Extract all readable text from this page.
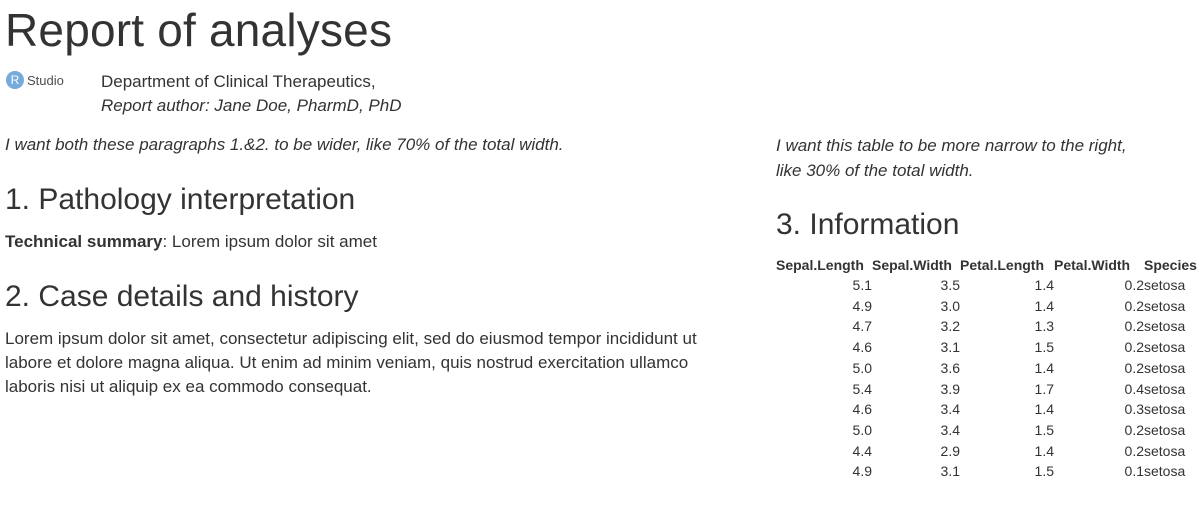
Report of analyses
R Studio Department of Clinical Therapeutics,
Report author: Jane Doe, PharmD, PhD
I want both these paragraphs 1.&2. to be wider, like 70% of the total width.
1. Pathology interpretation
Technical summary: Lorem ipsum dolor sit amet
2. Case details and history

Lorem ipsum dolor sit amet, consectetur adipiscing elit, sed do eiusmod tempor incididunt ut labore et dolore magna aliqua. Ut enim ad minim veniam, quis nostrud exercitation ullamco laboris nisi ut aliquip ex ea commodo consequat.

I want this table to be more narrow to the right, like 30% of the total width.

3. Information
Sepal.Length	Sepal.Width	Petal.Length	Petal.Width	Species
5.1	3.5	1.4	0.2	setosa
4.9	3.0	1.4	0.2	setosa
4.7	3.2	1.3	0.2	setosa
4.6	3.1	1.5	0.2	setosa
5.0	3.6	1.4	0.2	setosa
5.4	3.9	1.7	0.4	setosa
4.6	3.4	1.4	0.3	setosa
5.0	3.4	1.5	0.2	setosa
4.4	2.9	1.4	0.2	setosa
4.9	3.1	1.5	0.1	setosa
